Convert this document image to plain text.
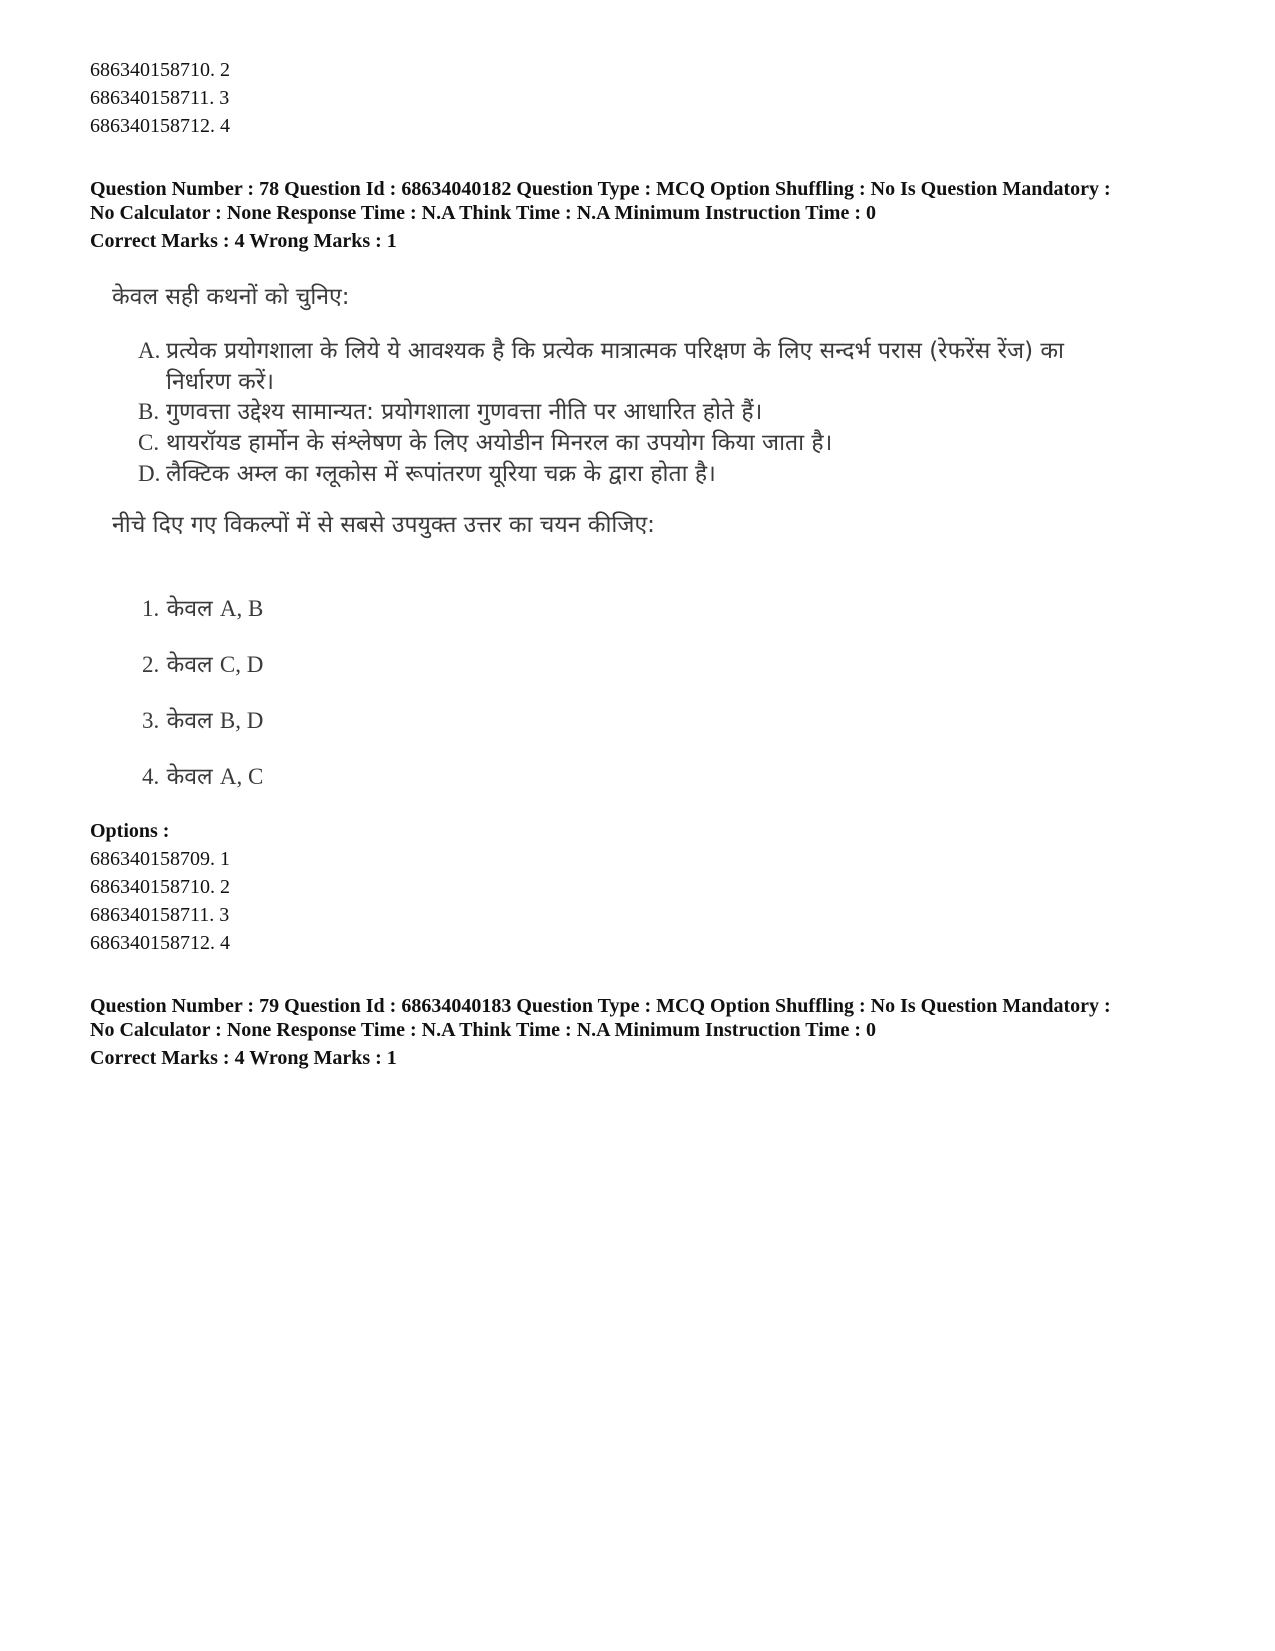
686340158710. 2
686340158711. 3
686340158712. 4
Question Number : 78 Question Id : 68634040182 Question Type : MCQ Option Shuffling : No Is Question Mandatory :
No Calculator : None Response Time : N.A Think Time : N.A Minimum Instruction Time : 0
Correct Marks : 4 Wrong Marks : 1
केवल सही कथनों को चुनिए:
A. प्रत्येक प्रयोगशाला के लिये ये आवश्यक है कि प्रत्येक मात्रात्मक परिक्षण के लिए सन्दर्भ परास (रेफरेंस रेंज) का
निर्धारण करें।
B. गुणवत्ता उद्देश्य सामान्यत: प्रयोगशाला गुणवत्ता नीति पर आधारित होते हैं।
C. थायरॉयड हार्मोन के संश्लेषण के लिए अयोडीन मिनरल का उपयोग किया जाता है।
D. लैक्टिक अम्ल का ग्लूकोस में रूपांतरण यूरिया चक्र के द्वारा होता है।
नीचे दिए गए विकल्पों में से सबसे उपयुक्त उत्तर का चयन कीजिए:
1. केवल A, B
2. केवल C, D
3. केवल B, D
4. केवल A, C
Options :
686340158709. 1
686340158710. 2
686340158711. 3
686340158712. 4
Question Number : 79 Question Id : 68634040183 Question Type : MCQ Option Shuffling : No Is Question Mandatory :
No Calculator : None Response Time : N.A Think Time : N.A Minimum Instruction Time : 0
Correct Marks : 4 Wrong Marks : 1
